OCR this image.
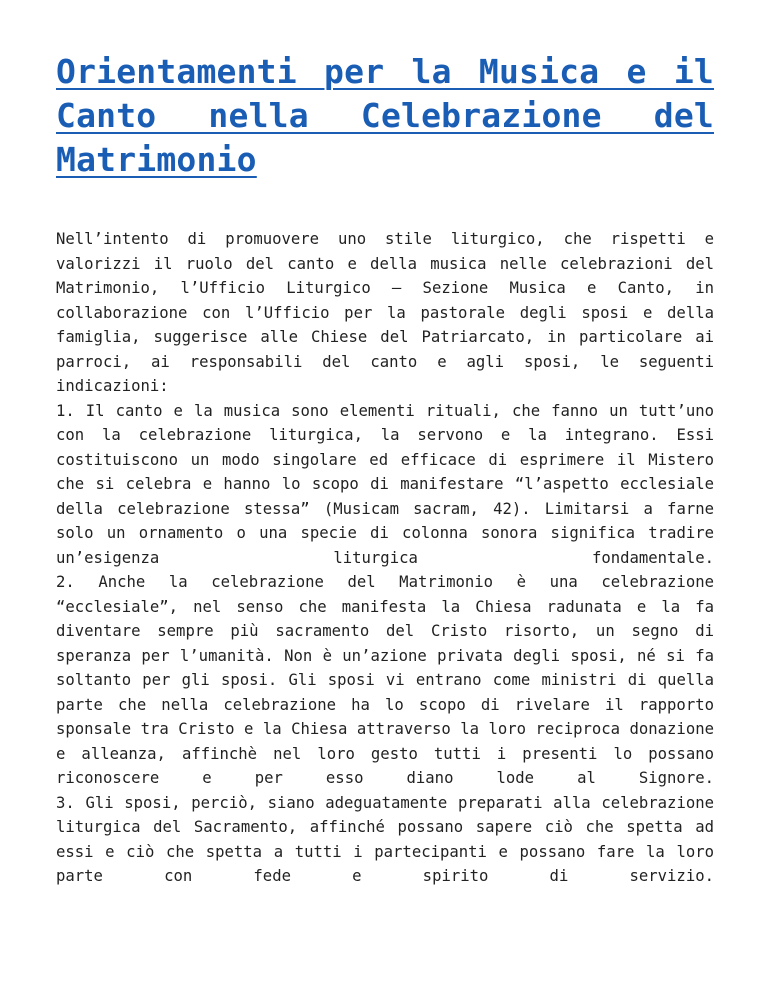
Orientamenti per la Musica e il Canto nella Celebrazione del Matrimonio

Nell’intento di promuovere uno stile liturgico, che rispetti e valorizzi il ruolo del canto e della musica nelle celebrazioni del Matrimonio, l’Ufficio Liturgico – Sezione Musica e Canto, in collaborazione con l’Ufficio per la pastorale degli sposi e della famiglia, suggerisce alle Chiese del Patriarcato, in particolare ai parroci, ai responsabili del canto e agli sposi, le seguenti indicazioni:

1. Il canto e la musica sono elementi rituali, che fanno un tutt’uno con la celebrazione liturgica, la servono e la integrano. Essi costituiscono un modo singolare ed efficace di esprimere il Mistero che si celebra e hanno lo scopo di manifestare “l’aspetto ecclesiale della celebrazione stessa” (Musicam sacram, 42). Limitarsi a farne solo un ornamento o una specie di colonna sonora significa tradire un’esigenza liturgica fondamentale.

2. Anche la celebrazione del Matrimonio è una celebrazione “ecclesiale”, nel senso che manifesta la Chiesa radunata e la fa diventare sempre più sacramento del Cristo risorto, un segno di speranza per l’umanità. Non è un’azione privata degli sposi, né si fa soltanto per gli sposi. Gli sposi vi entrano come ministri di quella parte che nella celebrazione ha lo scopo di rivelare il rapporto sponsale tra Cristo e la Chiesa attraverso la loro reciproca donazione e alleanza, affinchè nel loro gesto tutti i presenti lo possano riconoscere e per esso diano lode al Signore.

3. Gli sposi, perciò, siano adeguatamente preparati alla celebrazione liturgica del Sacramento, affinché possano sapere ciò che spetta ad essi e ciò che spetta a tutti i partecipanti e possano fare la loro parte con fede e spirito di servizio.
